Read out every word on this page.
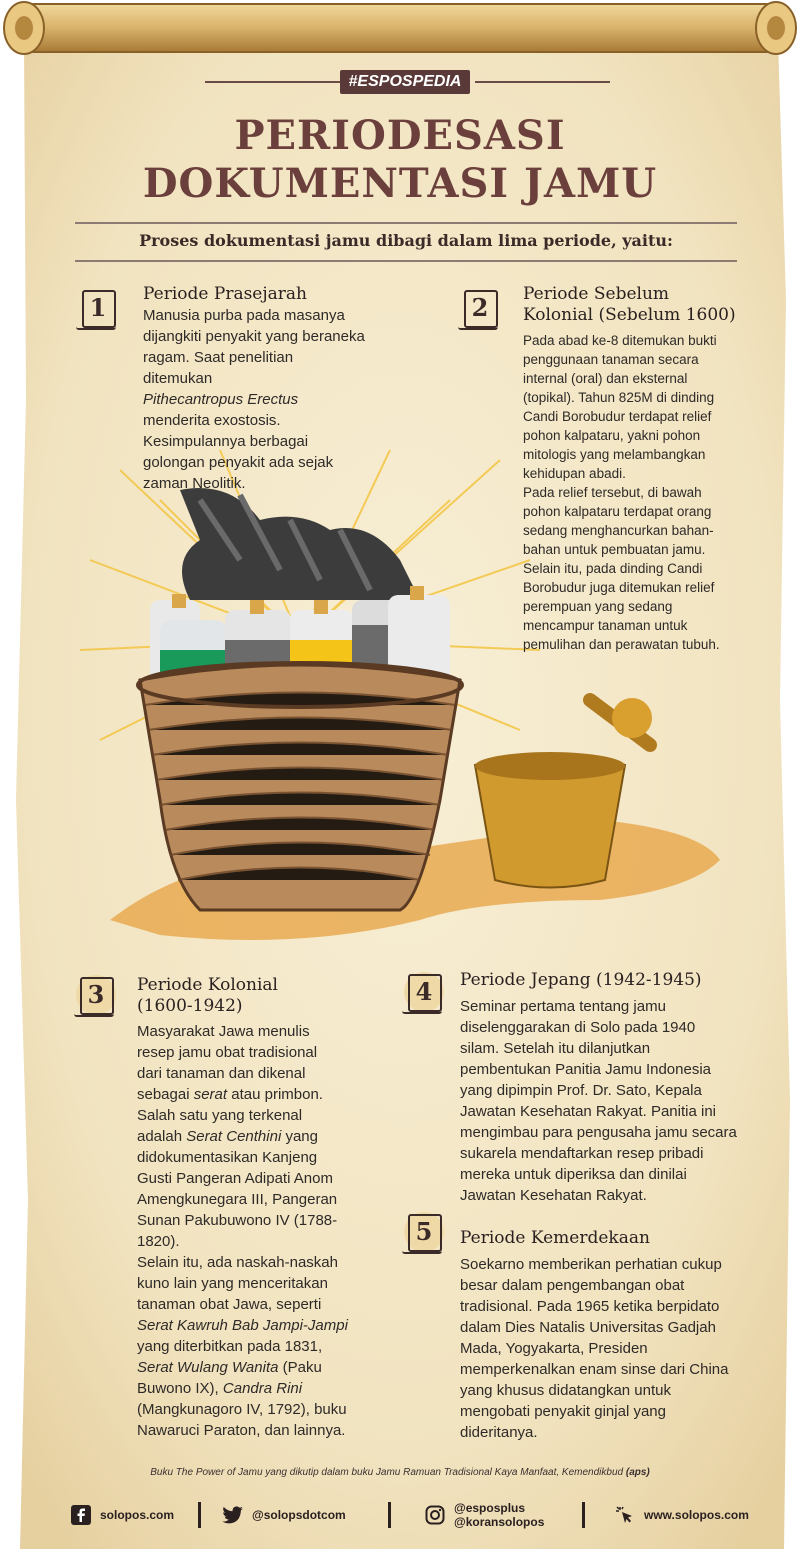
#ESPOSPEDIA
PERIODESASI
DOKUMENTASI JAMU
Proses dokumentasi jamu dibagi dalam lima periode, yaitu:
1	Periode Prasejarah
Manusia purba pada masanya
dijangkiti penyakit yang beraneka
ragam. Saat penelitian
ditemukan
Pithecantropus Erectus
menderita exostosis.
Kesimpulannya berbagai
golongan penyakit ada sejak
zaman Neolitik.
2	Periode Sebelum
Kolonial (Sebelum 1600)
Pada abad ke-8 ditemukan bukti
penggunaan tanaman secara
internal (oral) dan eksternal
(topikal). Tahun 825M di dinding
Candi Borobudur terdapat relief
pohon kalpataru, yakni pohon
mitologis yang melambangkan
kehidupan abadi.
Pada relief tersebut, di bawah
pohon kalpataru terdapat orang
sedang menghancurkan bahan-
bahan untuk pembuatan jamu.
Selain itu, pada dinding Candi
Borobudur juga ditemukan relief
perempuan yang sedang
mencampur tanaman untuk
pemulihan dan perawatan tubuh.
3	Periode Kolonial
(1600-1942)
Masyarakat Jawa menulis
resep jamu obat tradisional
dari tanaman dan dikenal
sebagai serat atau primbon.
Salah satu yang terkenal
adalah Serat Centhini yang
didokumentasikan Kanjeng
Gusti Pangeran Adipati Anom
Amengkunegara III, Pangeran
Sunan Pakubuwono IV (1788-
1820).
Selain itu, ada naskah-naskah
kuno lain yang menceritakan
tanaman obat Jawa, seperti
Serat Kawruh Bab Jampi-Jampi
yang diterbitkan pada 1831,
Serat Wulang Wanita (Paku
Buwono IX), Candra Rini
(Mangkunagoro IV, 1792), buku
Nawaruci Paraton, dan lainnya.
4	Periode Jepang (1942-1945)
Seminar pertama tentang jamu
diselenggarakan di Solo pada 1940
silam. Setelah itu dilanjutkan
pembentukan Panitia Jamu Indonesia
yang dipimpin Prof. Dr. Sato, Kepala
Jawatan Kesehatan Rakyat. Panitia ini
mengimbau para pengusaha jamu secara
sukarela mendaftarkan resep pribadi
mereka untuk diperiksa dan dinilai
Jawatan Kesehatan Rakyat.
5	Periode Kemerdekaan
Soekarno memberikan perhatian cukup
besar dalam pengembangan obat
tradisional. Pada 1965 ketika berpidato
dalam Dies Natalis Universitas Gadjah
Mada, Yogyakarta, Presiden
memperkenalkan enam sinse dari China
yang khusus didatangkan untuk
mengobati penyakit ginjal yang
dideritanya.
Buku The Power of Jamu yang dikutip dalam buku Jamu Ramuan Tradisional Kaya Manfaat, Kemendikbud (aps)
solopos.com	@solopsdotcom	@esposplus
@koransolopos	www.solopos.com
